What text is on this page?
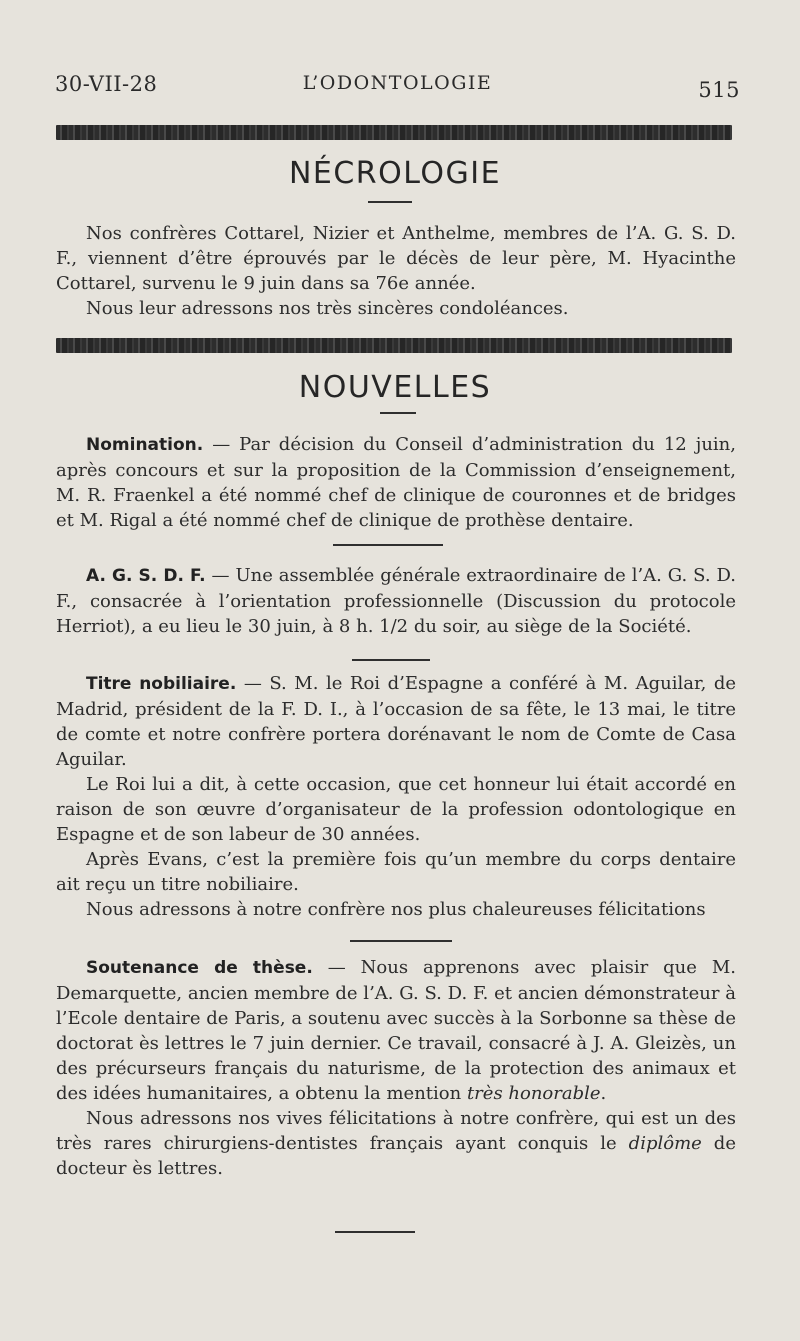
30-VII-28	L’ODONTOLOGIE	515
NÉCROLOGIE

Nos confrères Cottarel, Nizier et Anthelme, membres de l’A. G. S. D. F., viennent d’être éprouvés par le décès de leur père, M. Hyacinthe Cottarel, survenu le 9 juin dans sa 76e année.

Nous leur adressons nos très sincères condoléances.

NOUVELLES

Nomination. — Par décision du Conseil d’administration du 12 juin, après concours et sur la proposition de la Commission d’enseignement, M. R. Fraenkel a été nommé chef de clinique de couronnes et de bridges et M. Rigal a été nommé chef de clinique de prothèse dentaire.

A. G. S. D. F. — Une assemblée générale extraordinaire de l’A. G. S. D. F., consacrée à l’orientation professionnelle (Discussion du protocole Herriot), a eu lieu le 30 juin, à 8 h. 1/2 du soir, au siège de la Société.

Titre nobiliaire. — S. M. le Roi d’Espagne a conféré à M. Aguilar, de Madrid, président de la F. D. I., à l’occasion de sa fête, le 13 mai, le titre de comte et notre confrère portera dorénavant le nom de Comte de Casa Aguilar.

Le Roi lui a dit, à cette occasion, que cet honneur lui était accordé en raison de son œuvre d’organisateur de la profession odontologique en Espagne et de son labeur de 30 années.

Après Evans, c’est la première fois qu’un membre du corps dentaire ait reçu un titre nobiliaire.

Nous adressons à notre confrère nos plus chaleureuses félicitations

Soutenance de thèse. — Nous apprenons avec plaisir que M. Demarquette, ancien membre de l’A. G. S. D. F. et ancien démonstrateur à l’Ecole dentaire de Paris, a soutenu avec succès à la Sorbonne sa thèse de doctorat ès lettres le 7 juin dernier. Ce travail, consacré à J. A. Gleizès, un des précurseurs français du naturisme, de la protection des animaux et des idées humanitaires, a obtenu la mention très honorable.

Nous adressons nos vives félicitations à notre confrère, qui est un des très rares chirurgiens-dentistes français ayant conquis le diplôme de docteur ès lettres.
